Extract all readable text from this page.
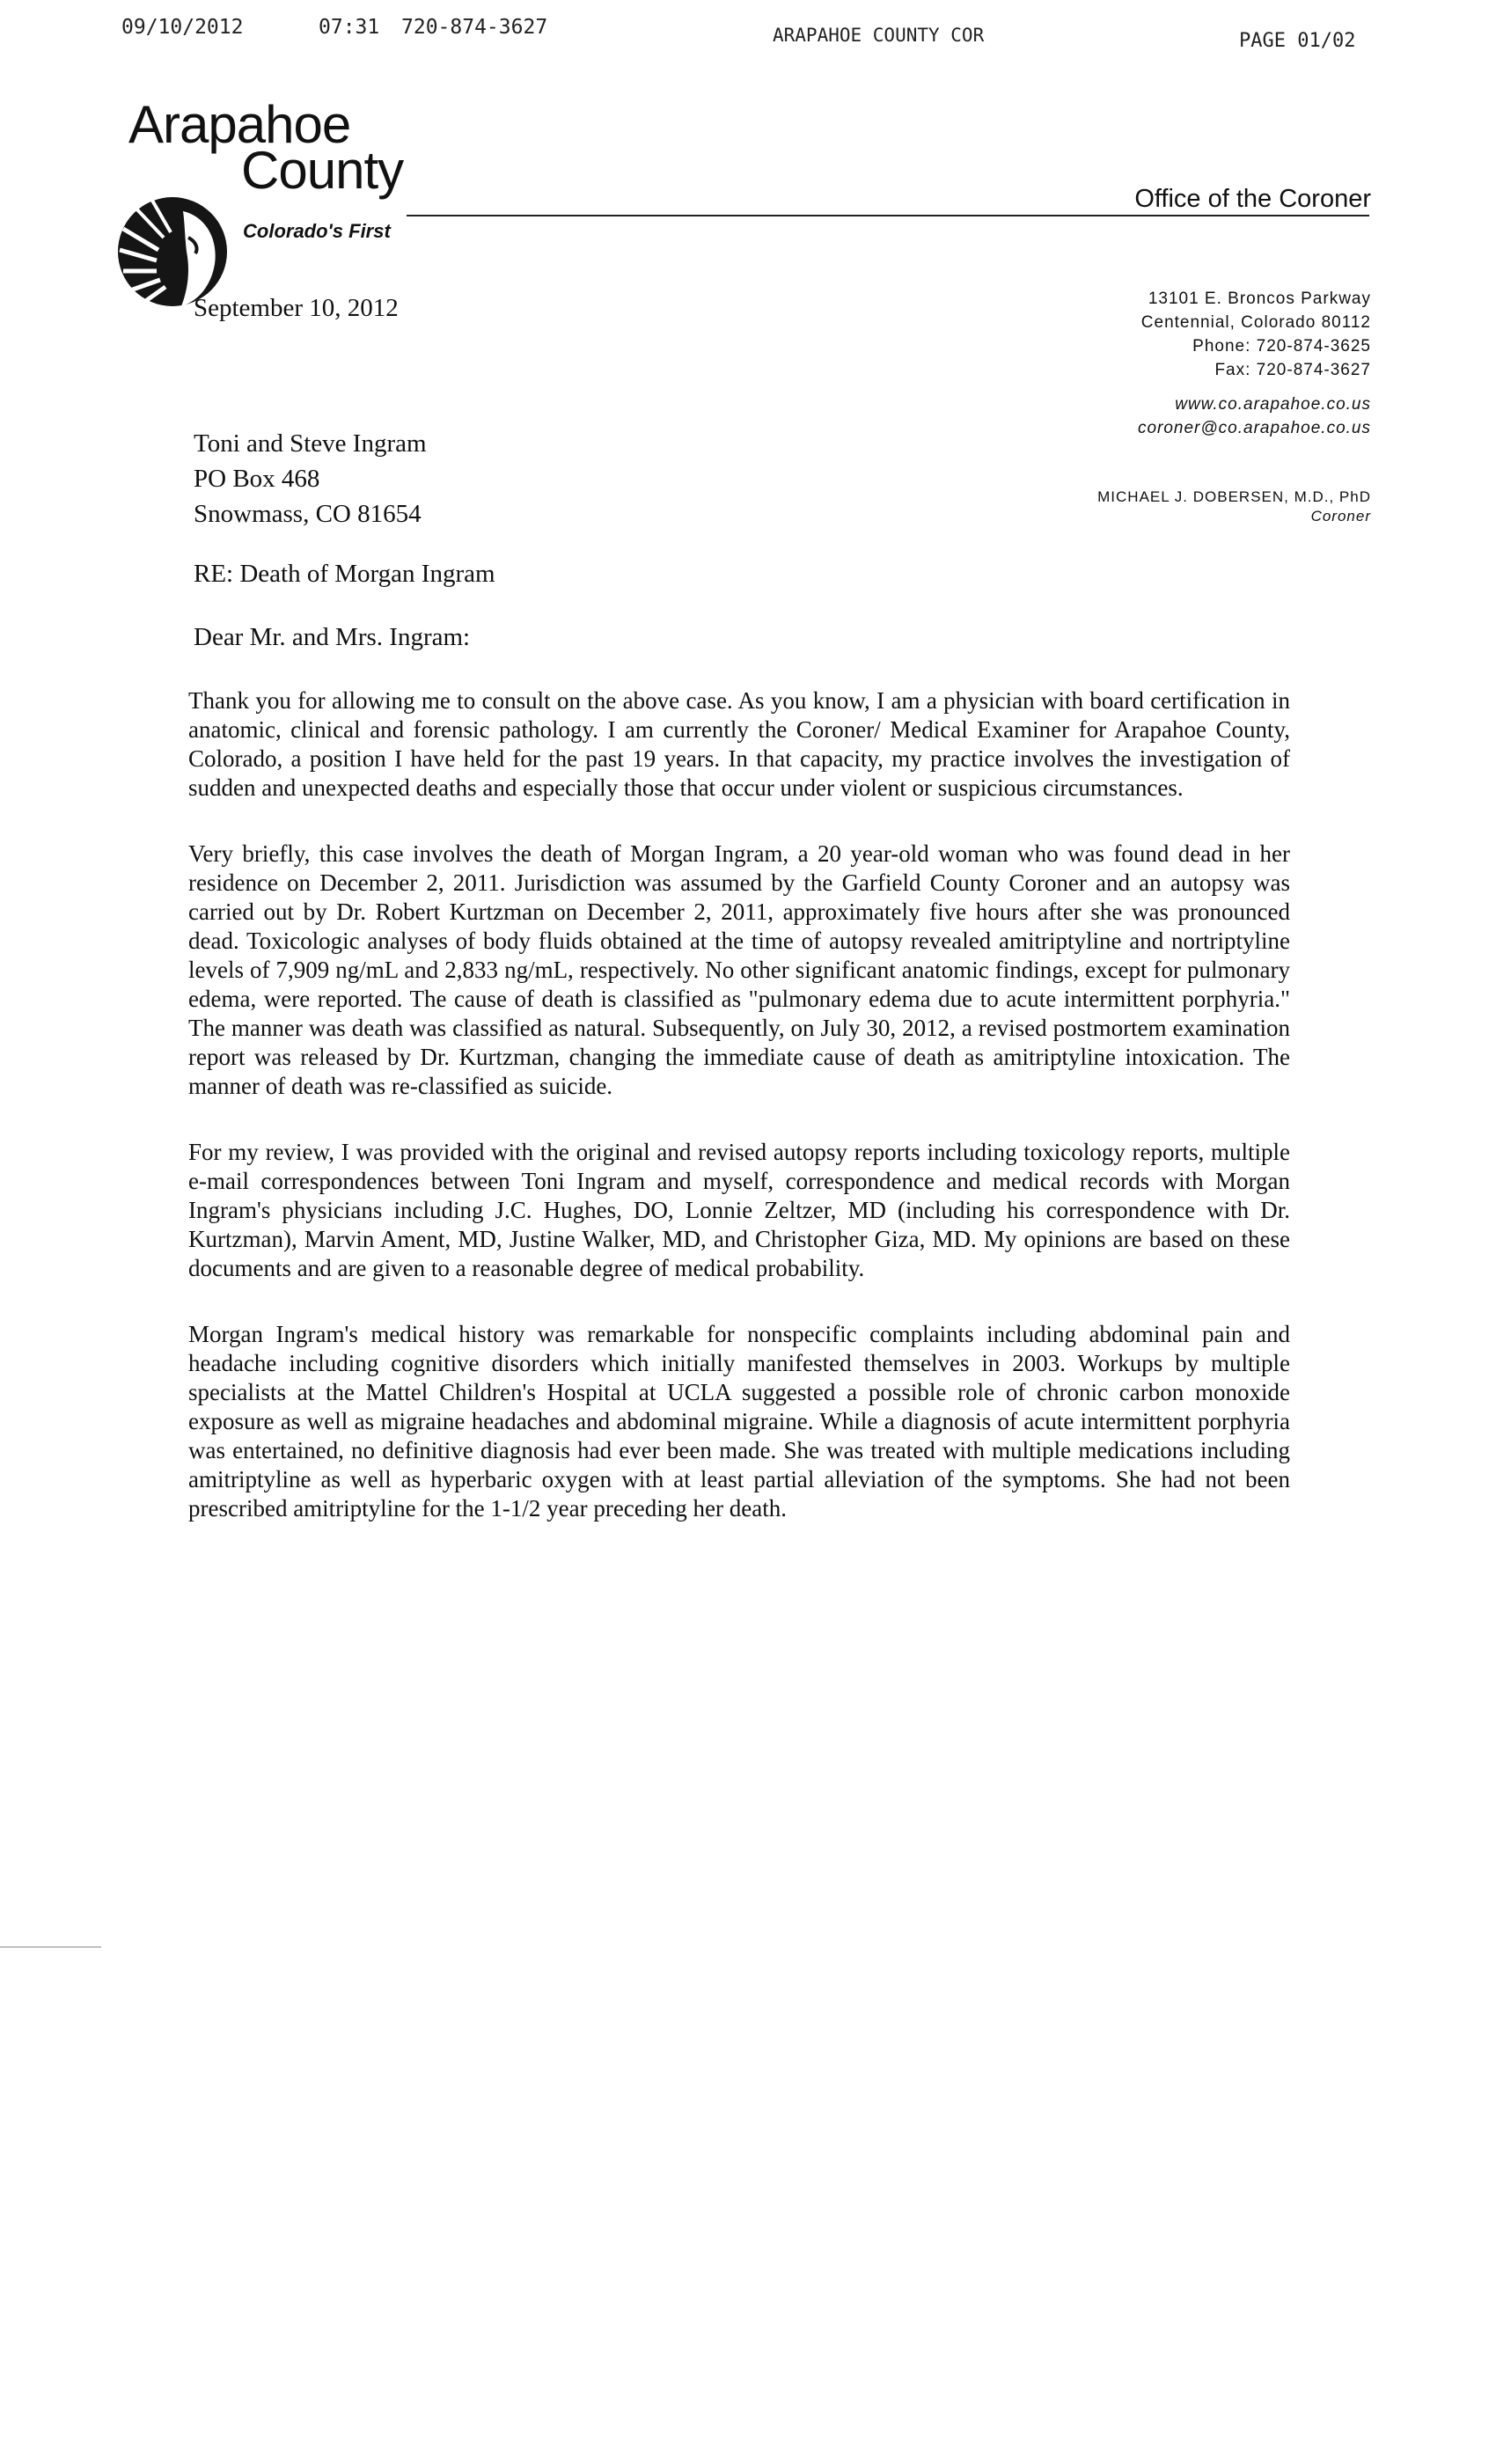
09/10/2012	07:31 720-874-3627	ARAPAHOE COUNTY COR	PAGE 01/02
Arapahoe
County
Colorado's First
Office of the Coroner
13101 E. Broncos Parkway
Centennial, Colorado 80112
Phone: 720-874-3625
Fax: 720-874-3627
www.co.arapahoe.co.us
coroner@co.arapahoe.co.us
MICHAEL J. DOBERSEN, M.D., PhD
Coroner
September 10, 2012
Toni and Steve Ingram
PO Box 468
Snowmass, CO 81654
RE: Death of Morgan Ingram
Dear Mr. and Mrs. Ingram:

Thank you for allowing me to consult on the above case. As you know, I am a physician with board certification in anatomic, clinical and forensic pathology. I am currently the Coroner/ Medical Examiner for Arapahoe County, Colorado, a position I have held for the past 19 years. In that capacity, my practice involves the investigation of sudden and unexpected deaths and especially those that occur under violent or suspicious circumstances.

Very briefly, this case involves the death of Morgan Ingram, a 20 year-old woman who was found dead in her residence on December 2, 2011. Jurisdiction was assumed by the Garfield County Coroner and an autopsy was carried out by Dr. Robert Kurtzman on December 2, 2011, approximately five hours after she was pronounced dead. Toxicologic analyses of body fluids obtained at the time of autopsy revealed amitriptyline and nortriptyline levels of 7,909 ng/mL and 2,833 ng/mL, respectively. No other significant anatomic findings, except for pulmonary edema, were reported. The cause of death is classified as "pulmonary edema due to acute intermittent porphyria." The manner was death was classified as natural. Subsequently, on July 30, 2012, a revised postmortem examination report was released by Dr. Kurtzman, changing the immediate cause of death as amitriptyline intoxication. The manner of death was re-classified as suicide.

For my review, I was provided with the original and revised autopsy reports including toxicology reports, multiple e-mail correspondences between Toni Ingram and myself, correspondence and medical records with Morgan Ingram's physicians including J.C. Hughes, DO, Lonnie Zeltzer, MD (including his correspondence with Dr. Kurtzman), Marvin Ament, MD, Justine Walker, MD, and Christopher Giza, MD. My opinions are based on these documents and are given to a reasonable degree of medical probability.

Morgan Ingram's medical history was remarkable for nonspecific complaints including abdominal pain and headache including cognitive disorders which initially manifested themselves in 2003. Workups by multiple specialists at the Mattel Children's Hospital at UCLA suggested a possible role of chronic carbon monoxide exposure as well as migraine headaches and abdominal migraine. While a diagnosis of acute intermittent porphyria was entertained, no definitive diagnosis had ever been made. She was treated with multiple medications including amitriptyline as well as hyperbaric oxygen with at least partial alleviation of the symptoms. She had not been prescribed amitriptyline for the 1-1/2 year preceding her death.
